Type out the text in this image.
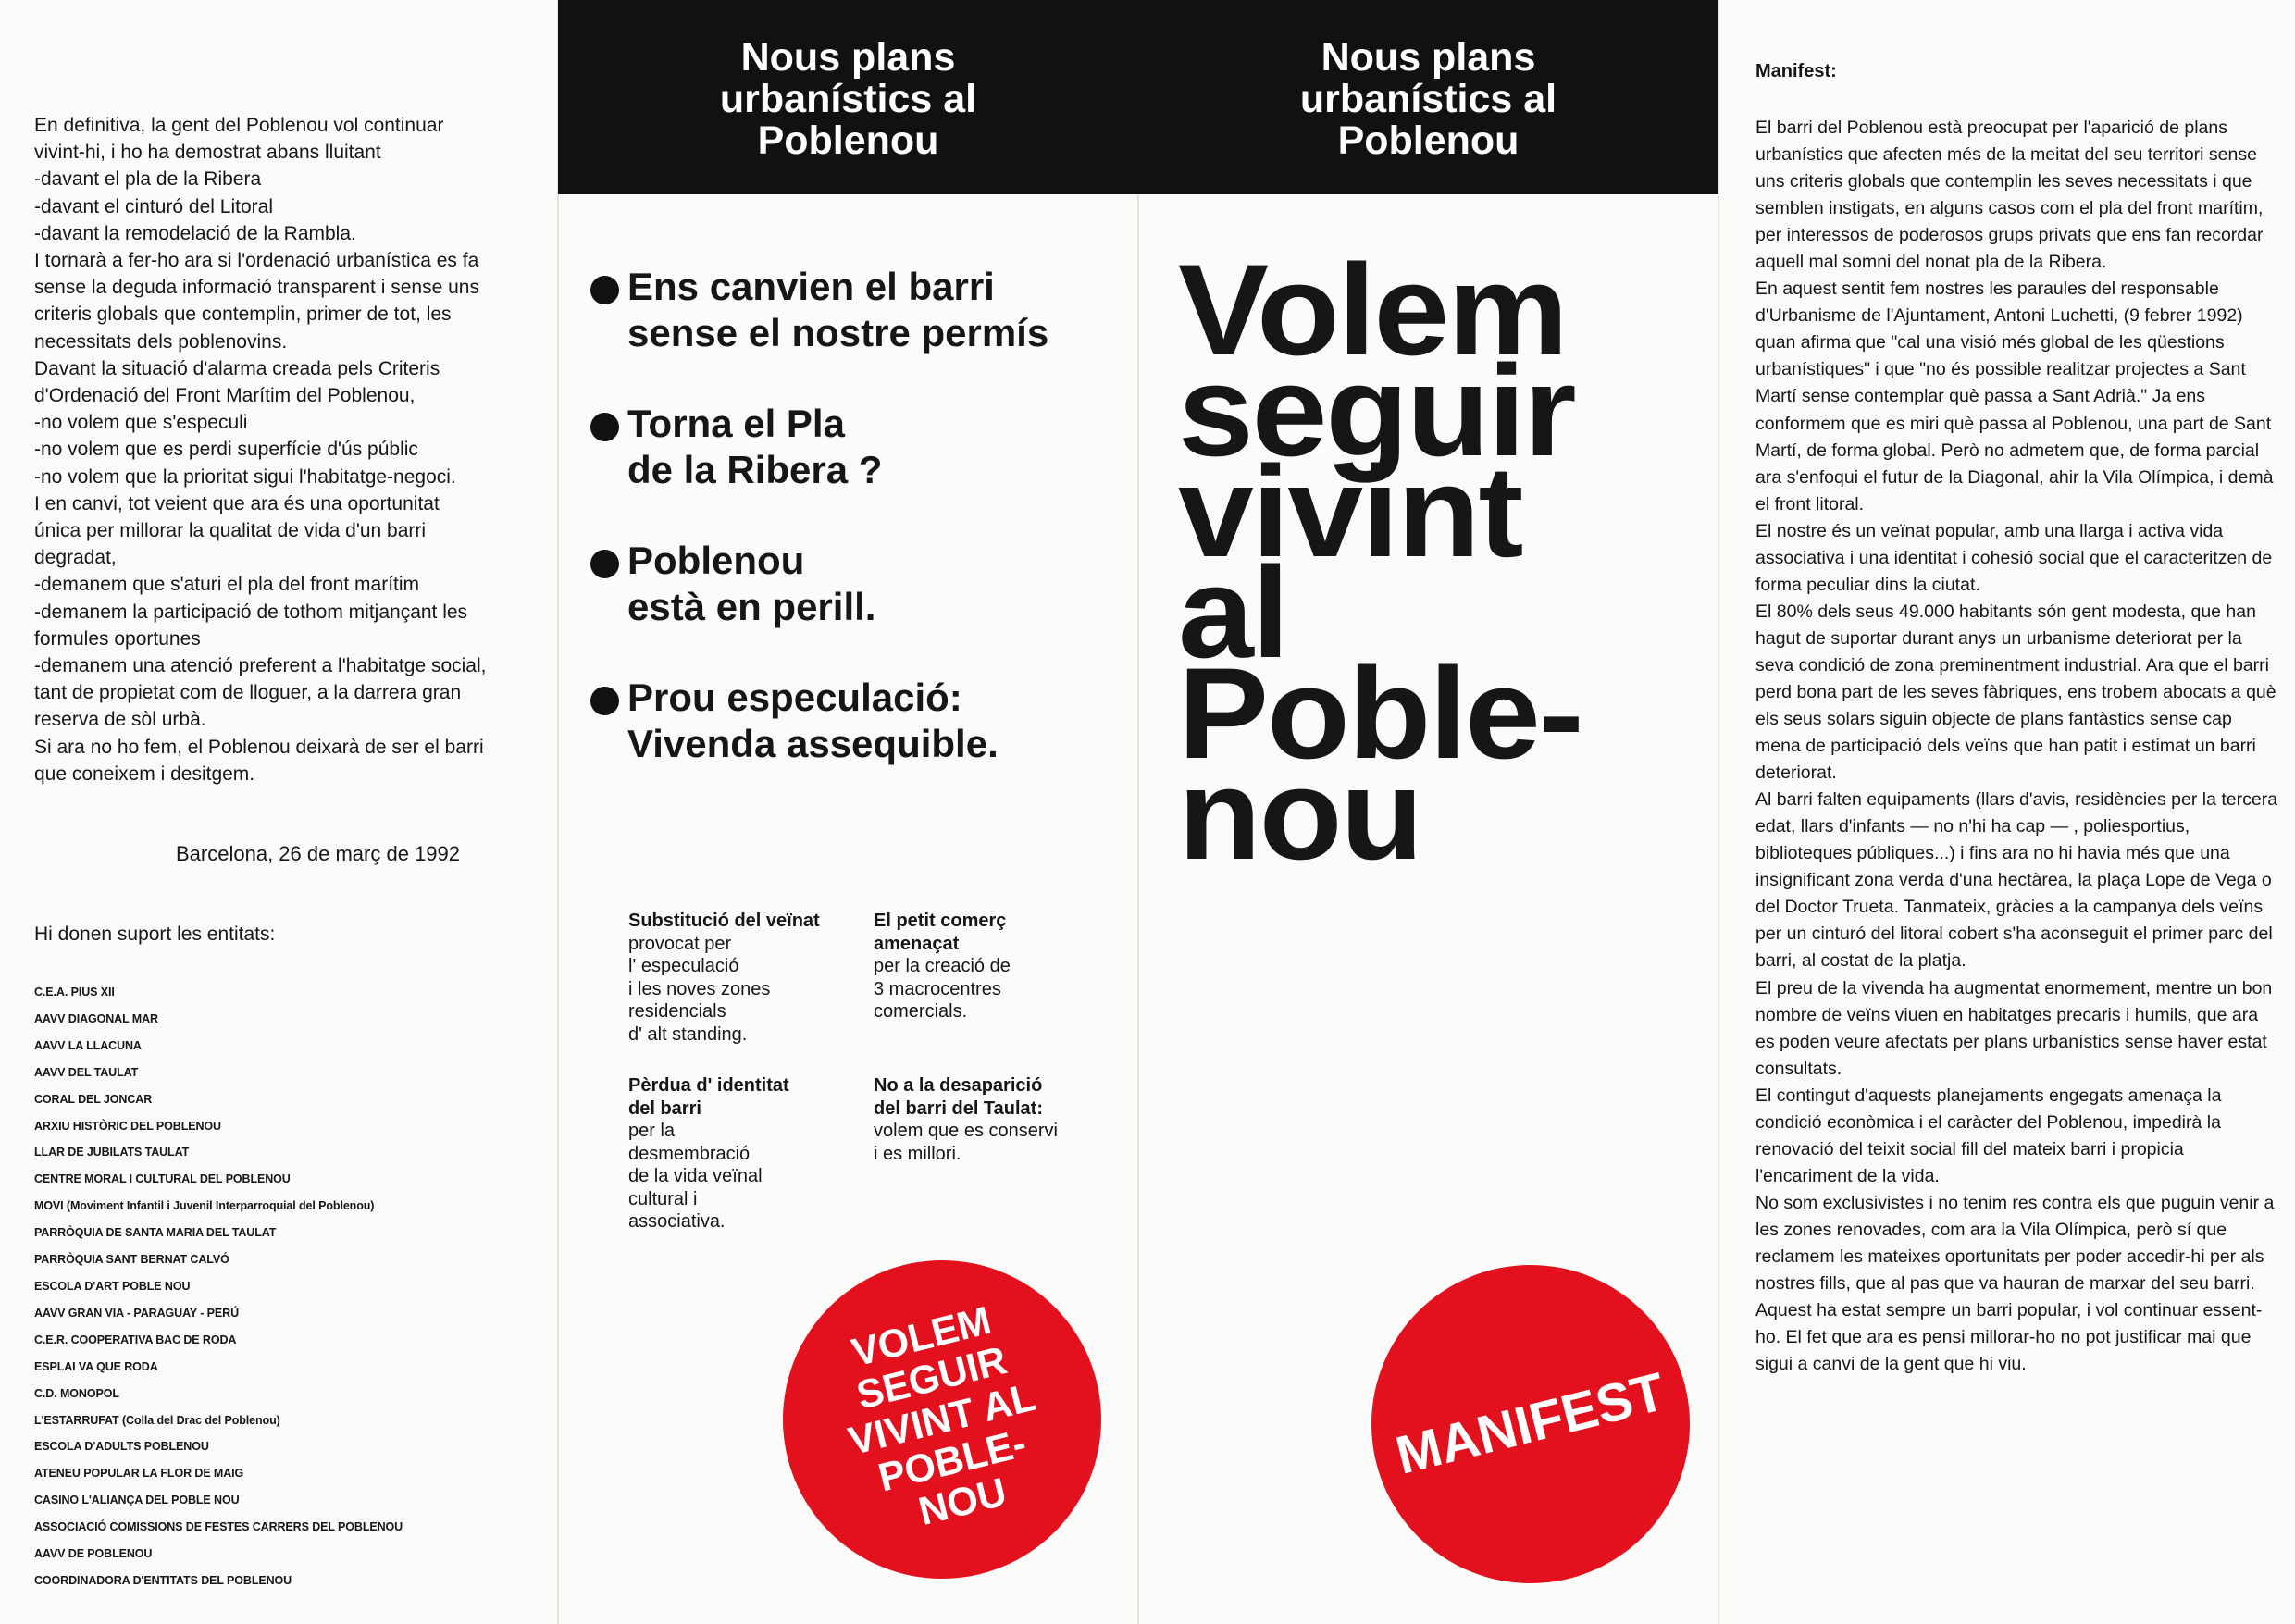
En definitiva, la gent del Poblenou vol continuar
vivint-hi, i ho ha demostrat abans lluitant
-davant el pla de la Ribera
-davant el cinturó del Litoral
-davant la remodelació de la Rambla.
I tornarà a fer-ho ara si l'ordenació urbanística es fa
sense la deguda informació transparent i sense uns
criteris globals que contemplin, primer de tot, les
necessitats dels poblenovins.
Davant la situació d'alarma creada pels Criteris
d'Ordenació del Front Marítim del Poblenou,
-no volem que s'especuli
-no volem que es perdi superfície d'ús públic
-no volem que la prioritat sigui l'habitatge-negoci.
I en canvi, tot veient que ara és una oportunitat
única per millorar la qualitat de vida d'un barri
degradat,
-demanem que s'aturi el pla del front marítim
-demanem la participació de tothom mitjançant les
formules oportunes
-demanem una atenció preferent a l'habitatge social,
tant de propietat com de lloguer, a la darrera gran
reserva de sòl urbà.
Si ara no ho fem, el Poblenou deixarà de ser el barri
que coneixem i desitgem.
Barcelona, 26 de març de 1992
Hi donen suport les entitats:
C.E.A. PIUS XII
AAVV DIAGONAL MAR
AAVV LA LLACUNA
AAVV DEL TAULAT
CORAL DEL JONCAR
ARXIU HISTÒRIC DEL POBLENOU
LLAR DE JUBILATS TAULAT
CENTRE MORAL I CULTURAL DEL POBLENOU
MOVI (Moviment Infantil i Juvenil Interparroquial del Poblenou)
PARRÒQUIA DE SANTA MARIA DEL TAULAT
PARRÒQUIA SANT BERNAT CALVÓ
ESCOLA D'ART POBLE NOU
AAVV GRAN VIA - PARAGUAY - PERÚ
C.E.R. COOPERATIVA BAC DE RODA
ESPLAI VA QUE RODA
C.D. MONOPOL
L'ESTARRUFAT (Colla del Drac del Poblenou)
ESCOLA D'ADULTS POBLENOU
ATENEU POPULAR LA FLOR DE MAIG
CASINO L'ALIANÇA DEL POBLE NOU
ASSOCIACIÓ COMISSIONS DE FESTES CARRERS DEL POBLENOU
AAVV DE POBLENOU
COORDINADORA D'ENTITATS DEL POBLENOU
Nous plans
urbanístics al
Poblenou
Ens canvien el barri
sense el nostre permís
Torna el Pla
de la Ribera ?
Poblenou
està en perill.
Prou especulació:
Vivenda assequible.
Substitució del veïnat
provocat per
l' especulació
i les noves zones
residencials
d' alt standing.
El petit comerç
amenaçat
per la creació de
3 macrocentres
comercials.
Pèrdua d' identitat
del barri
per la
desmembració
de la vida veïnal
cultural i
associativa.
No a la desaparició
del barri del Taulat:
volem que es conservi
i es millori.
VOLEM
SEGUIR
VIVINT AL
POBLE-
NOU
Nous plans
urbanístics al
Poblenou
Volem
seguir
vivint
al
Poble-
nou
MANIFEST
Manifest:

El barri del Poblenou està preocupat per l'aparició de plans urbanístics que afecten més de la meitat del seu territori sense uns criteris globals que contemplin les seves necessitats i que semblen instigats, en alguns casos com el pla del front marítim, per interessos de poderosos grups privats que ens fan recordar aquell mal somni del nonat pla de la Ribera.

En aquest sentit fem nostres les paraules del responsable d'Urbanisme de l'Ajuntament, Antoni Luchetti, (9 febrer 1992) quan afirma que "cal una visió més global de les qüestions urbanístiques" i que "no és possible realitzar projectes a Sant Martí sense contemplar què passa a Sant Adrià." Ja ens conformem que es miri què passa al Poblenou, una part de Sant Martí, de forma global. Però no admetem que, de forma parcial ara s'enfoqui el futur de la Diagonal, ahir la Vila Olímpica, i demà el front litoral.

El nostre és un veïnat popular, amb una llarga i activa vida associativa i una identitat i cohesió social que el caracteritzen de forma peculiar dins la ciutat.

El 80% dels seus 49.000 habitants són gent modesta, que han hagut de suportar durant anys un urbanisme deteriorat per la seva condició de zona preminentment industrial. Ara que el barri perd bona part de les seves fàbriques, ens trobem abocats a què els seus solars siguin objecte de plans fantàstics sense cap mena de participació dels veïns que han patit i estimat un barri deteriorat.

Al barri falten equipaments (llars d'avis, residències per la tercera edat, llars d'infants — no n'hi ha cap — , poliesportius, biblioteques públiques...) i fins ara no hi havia més que una insignificant zona verda d'una hectàrea, la plaça Lope de Vega o del Doctor Trueta. Tanmateix, gràcies a la campanya dels veïns per un cinturó del litoral cobert s'ha aconseguit el primer parc del barri, al costat de la platja.

El preu de la vivenda ha augmentat enormement, mentre un bon nombre de veïns viuen en habitatges precaris i humils, que ara es poden veure afectats per plans urbanístics sense haver estat consultats.

El contingut d'aquests planejaments engegats amenaça la condició econòmica i el caràcter del Poblenou, impedirà la renovació del teixit social fill del mateix barri i propicia l'encariment de la vida.

No som exclusivistes i no tenim res contra els que puguin venir a les zones renovades, com ara la Vila Olímpica, però sí que reclamem les mateixes oportunitats per poder accedir-hi per als nostres fills, que al pas que va hauran de marxar del seu barri.

Aquest ha estat sempre un barri popular, i vol continuar essent-ho. El fet que ara es pensi millorar-ho no pot justificar mai que sigui a canvi de la gent que hi viu.
